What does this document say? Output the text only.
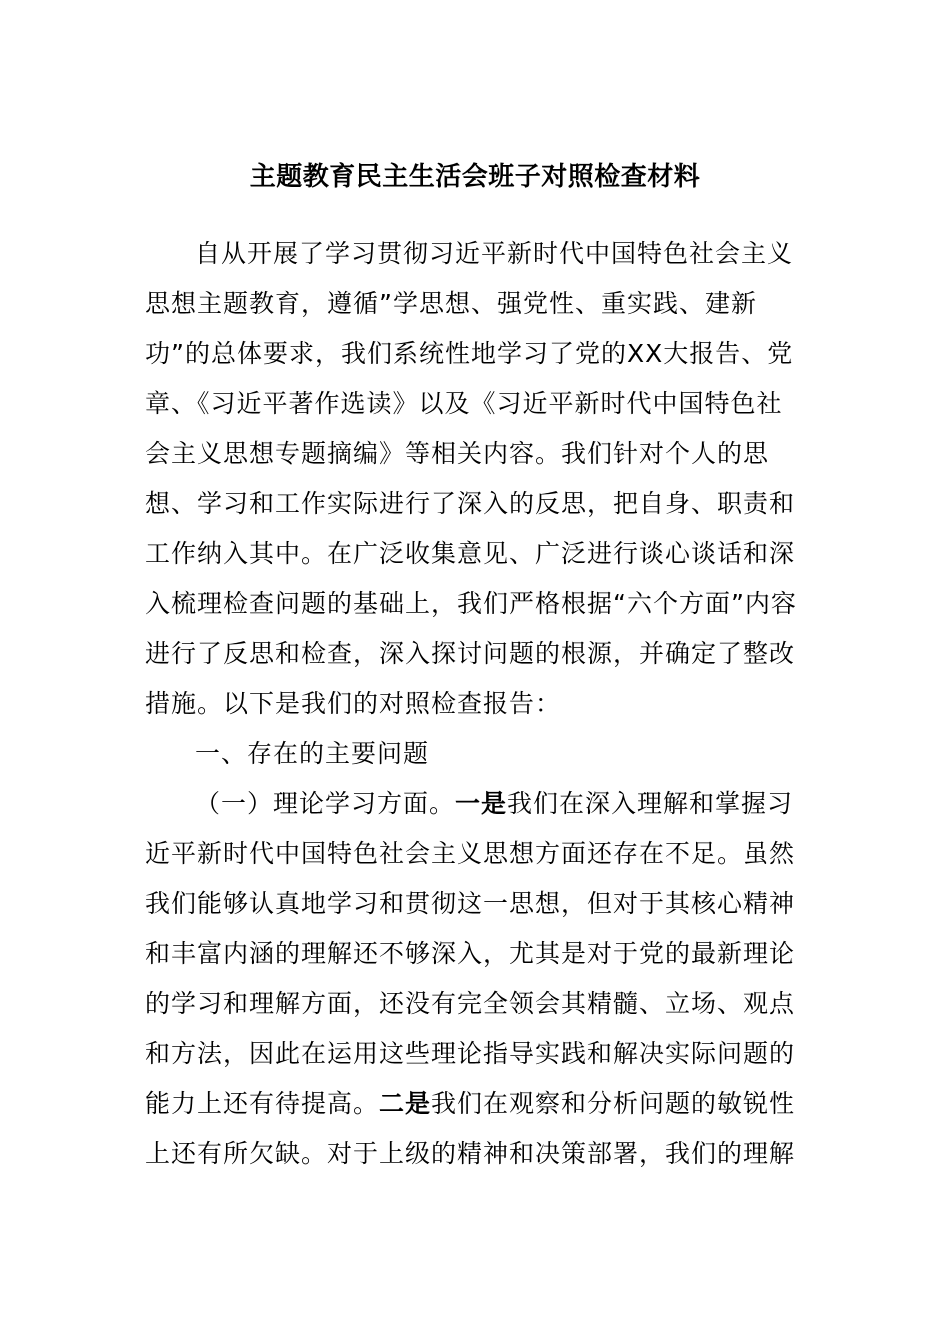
主题教育民主生活会班子对照检查材料

自从开展了学习贯彻习近平新时代中国特色社会主义思想主题教育，遵循”学思想、强党性、重实践、建新功”的总体要求，我们系统性地学习了党的XX大报告、党章、《习近平著作选读》以及《习近平新时代中国特色社会主义思想专题摘编》等相关内容。我们针对个人的思想、学习和工作实际进行了深入的反思，把自身、职责和工作纳入其中。在广泛收集意见、广泛进行谈心谈话和深入梳理检查问题的基础上，我们严格根据“六个方面”内容进行了反思和检查，深入探讨问题的根源，并确定了整改措施。以下是我们的对照检查报告：

一、存在的主要问题

（一）理论学习方面。一是我们在深入理解和掌握习近平新时代中国特色社会主义思想方面还存在不足。虽然我们能够认真地学习和贯彻这一思想，但对于其核心精神和丰富内涵的理解还不够深入，尤其是对于党的最新理论的学习和理解方面，还没有完全领会其精髓、立场、观点和方法，因此在运用这些理论指导实践和解决实际问题的能力上还有待提高。二是我们在观察和分析问题的敏锐性上还有所欠缺。对于上级的精神和决策部署，我们的理解
